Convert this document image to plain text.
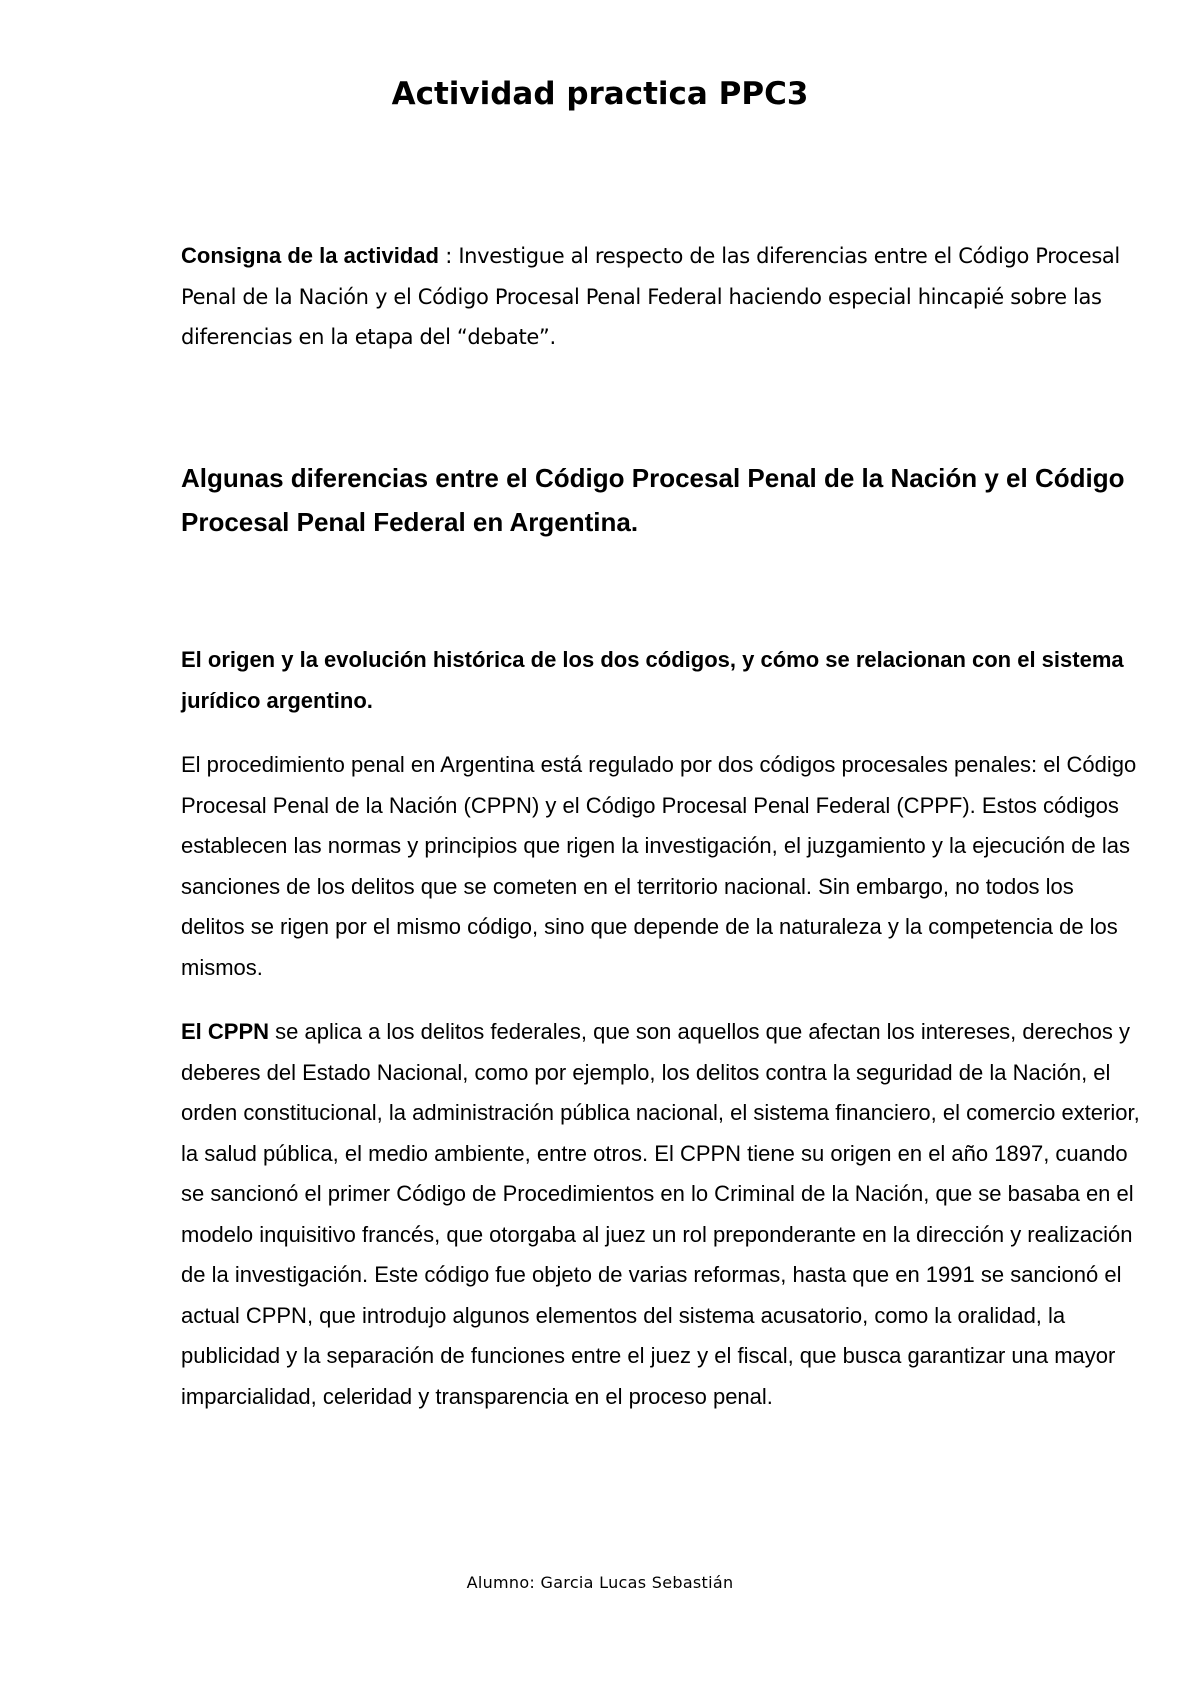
Actividad practica PPC3

Consigna de la actividad : Investigue al respecto de las diferencias entre el Código Procesal Penal de la Nación y el Código Procesal Penal Federal haciendo especial hincapié sobre las diferencias en la etapa del “debate”.

Algunas diferencias entre el Código Procesal Penal de la Nación y el Código Procesal Penal Federal en Argentina.
El origen y la evolución histórica de los dos códigos, y cómo se relacionan con el sistema jurídico argentino.

El procedimiento penal en Argentina está regulado por dos códigos procesales penales: el Código Procesal Penal de la Nación (CPPN) y el Código Procesal Penal Federal (CPPF). Estos códigos establecen las normas y principios que rigen la investigación, el juzgamiento y la ejecución de las sanciones de los delitos que se cometen en el territorio nacional. Sin embargo, no todos los delitos se rigen por el mismo código, sino que depende de la naturaleza y la competencia de los mismos.

El CPPN se aplica a los delitos federales, que son aquellos que afectan los intereses, derechos y deberes del Estado Nacional, como por ejemplo, los delitos contra la seguridad de la Nación, el orden constitucional, la administración pública nacional, el sistema financiero, el comercio exterior, la salud pública, el medio ambiente, entre otros. El CPPN tiene su origen en el año 1897, cuando se sancionó el primer Código de Procedimientos en lo Criminal de la Nación, que se basaba en el modelo inquisitivo francés, que otorgaba al juez un rol preponderante en la dirección y realización de la investigación. Este código fue objeto de varias reformas, hasta que en 1991 se sancionó el actual CPPN, que introdujo algunos elementos del sistema acusatorio, como la oralidad, la publicidad y la separación de funciones entre el juez y el fiscal, que busca garantizar una mayor imparcialidad, celeridad y transparencia en el proceso penal.

Alumno: Garcia Lucas Sebastián
